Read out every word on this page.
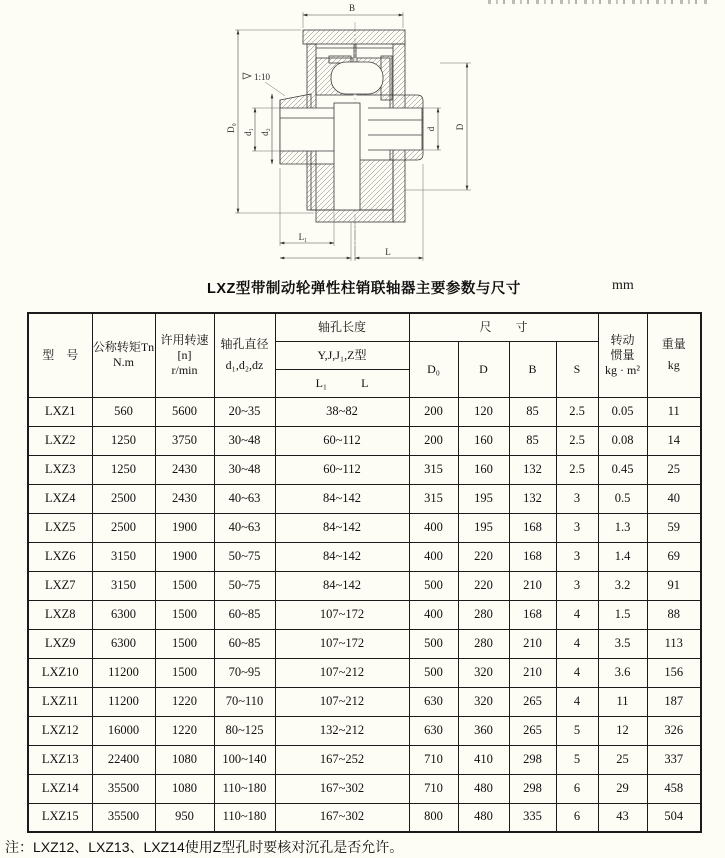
B
D₀ d₁ d₂	d D
L₁
L
1:10
LXZ型带制动轮弹性柱销联轴器主要参数与尺寸	mm
型　号

公称转矩Tn
N.m

许用转速
[n]
r/min

轴孔直径
d₁,d₂,dz

轴孔长度	尺　　寸

转动
惯量
kg · m²

重量
kg

				Y,J,J₁,Z型	D₀	D	B	S		

				L₁ L						

LXZ1	560	5600	20~35	38~82	200	120	85	2.5	0.05	11
LXZ2	1250	3750	30~48	60~112	200	160	85	2.5	0.08	14
LXZ3	1250	2430	30~48	60~112	315	160	132	2.5	0.45	25
LXZ4	2500	2430	40~63	84~142	315	195	132	3	0.5	40
LXZ5	2500	1900	40~63	84~142	400	195	168	3	1.3	59
LXZ6	3150	1900	50~75	84~142	400	220	168	3	1.4	69
LXZ7	3150	1500	50~75	84~142	500	220	210	3	3.2	91
LXZ8	6300	1500	60~85	107~172	400	280	168	4	1.5	88
LXZ9	6300	1500	60~85	107~172	500	280	210	4	3.5	113
LXZ10	11200	1500	70~95	107~212	500	320	210	4	3.6	156
LXZ11	11200	1220	70~110	107~212	630	320	265	4	11	187
LXZ12	16000	1220	80~125	132~212	630	360	265	5	12	326
LXZ13	22400	1080	100~140	167~252	710	410	298	5	25	337
LXZ14	35500	1080	110~180	167~302	710	480	298	6	29	458
LXZ15	35500	950	110~180	167~302	800	480	335	6	43	504
注：LXZ12、LXZ13、LXZ14使用Z型孔时要核对沉孔是否允许。
